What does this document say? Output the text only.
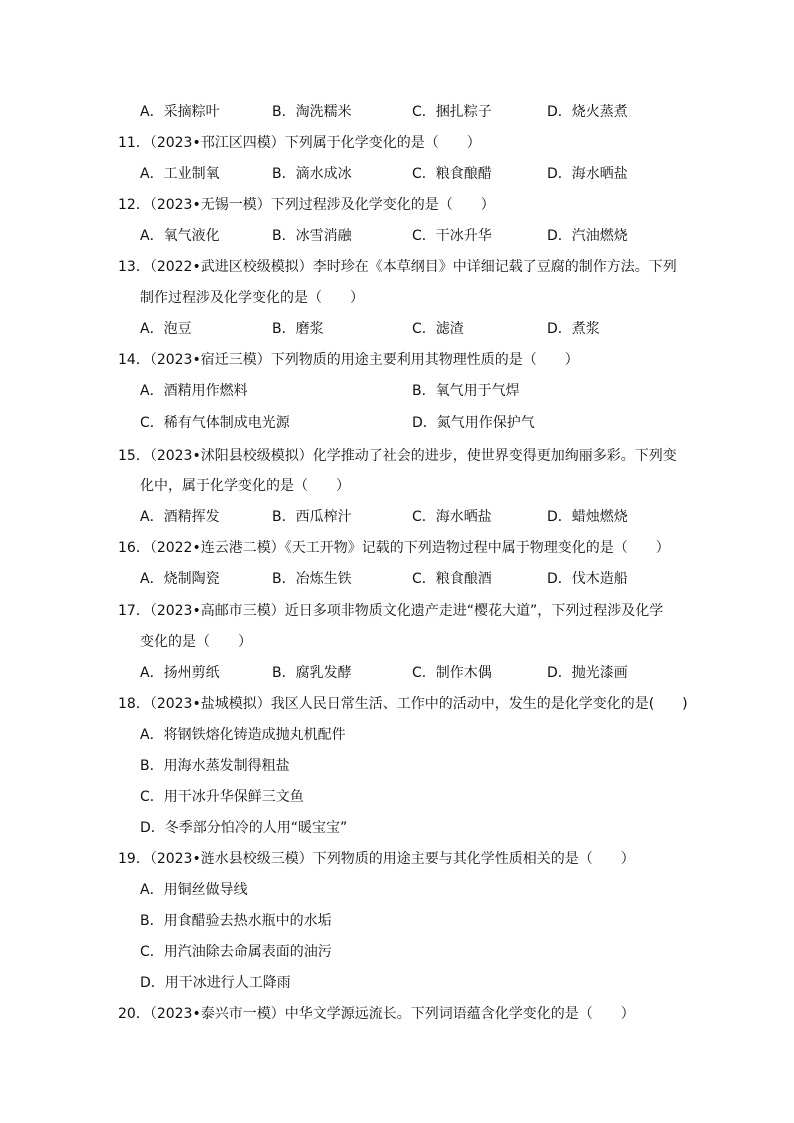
A．采摘粽叶	B．淘洗糯米	C．捆扎粽子	D．烧火蒸煮
11．（2023•邗江区四模）下列属于化学变化的是（　　）
A．工业制氧	B．滴水成冰	C．粮食酿醋	D．海水晒盐
12．（2023•无锡一模）下列过程涉及化学变化的是（　　）
A．氧气液化	B．冰雪消融	C．干冰升华	D．汽油燃烧
13．（2022•武进区校级模拟）李时珍在《本草纲目》中详细记载了豆腐的制作方法。下列
制作过程涉及化学变化的是（　　）
A．泡豆	B．磨浆	C．滤渣	D．煮浆
14．（2023•宿迁三模）下列物质的用途主要利用其物理性质的是（　　）
A．酒精用作燃料	B．氧气用于气焊
C．稀有气体制成电光源	D．氮气用作保护气
15．（2023•沭阳县校级模拟）化学推动了社会的进步，使世界变得更加绚丽多彩。下列变
化中，属于化学变化的是（　　）
A．酒精挥发	B．西瓜榨汁	C．海水晒盐	D．蜡烛燃烧
16．（2022•连云港二模）《天工开物》记载的下列造物过程中属于物理变化的是（　　）
A．烧制陶瓷	B．冶炼生铁	C．粮食酿酒	D．伐木造船
17．（2023•高邮市三模）近日多项非物质文化遗产走进“樱花大道”，下列过程涉及化学
变化的是（　　）
A．扬州剪纸	B．腐乳发酵	C．制作木偶	D．抛光漆画
18．（2023•盐城模拟）我区人民日常生活、工作中的活动中，发生的是化学变化的是(　　)
A．将钢铁熔化铸造成抛丸机配件
B．用海水蒸发制得粗盐
C．用干冰升华保鲜三文鱼
D．冬季部分怕冷的人用“暖宝宝”
19．（2023•涟水县校级三模）下列物质的用途主要与其化学性质相关的是（　　）
A．用铜丝做导线
B．用食醋验去热水瓶中的水垢
C．用汽油除去命属表面的油污
D．用干冰进行人工降雨
20．（2023•泰兴市一模）中华文学源远流长。下列词语蕴含化学变化的是（　　）
